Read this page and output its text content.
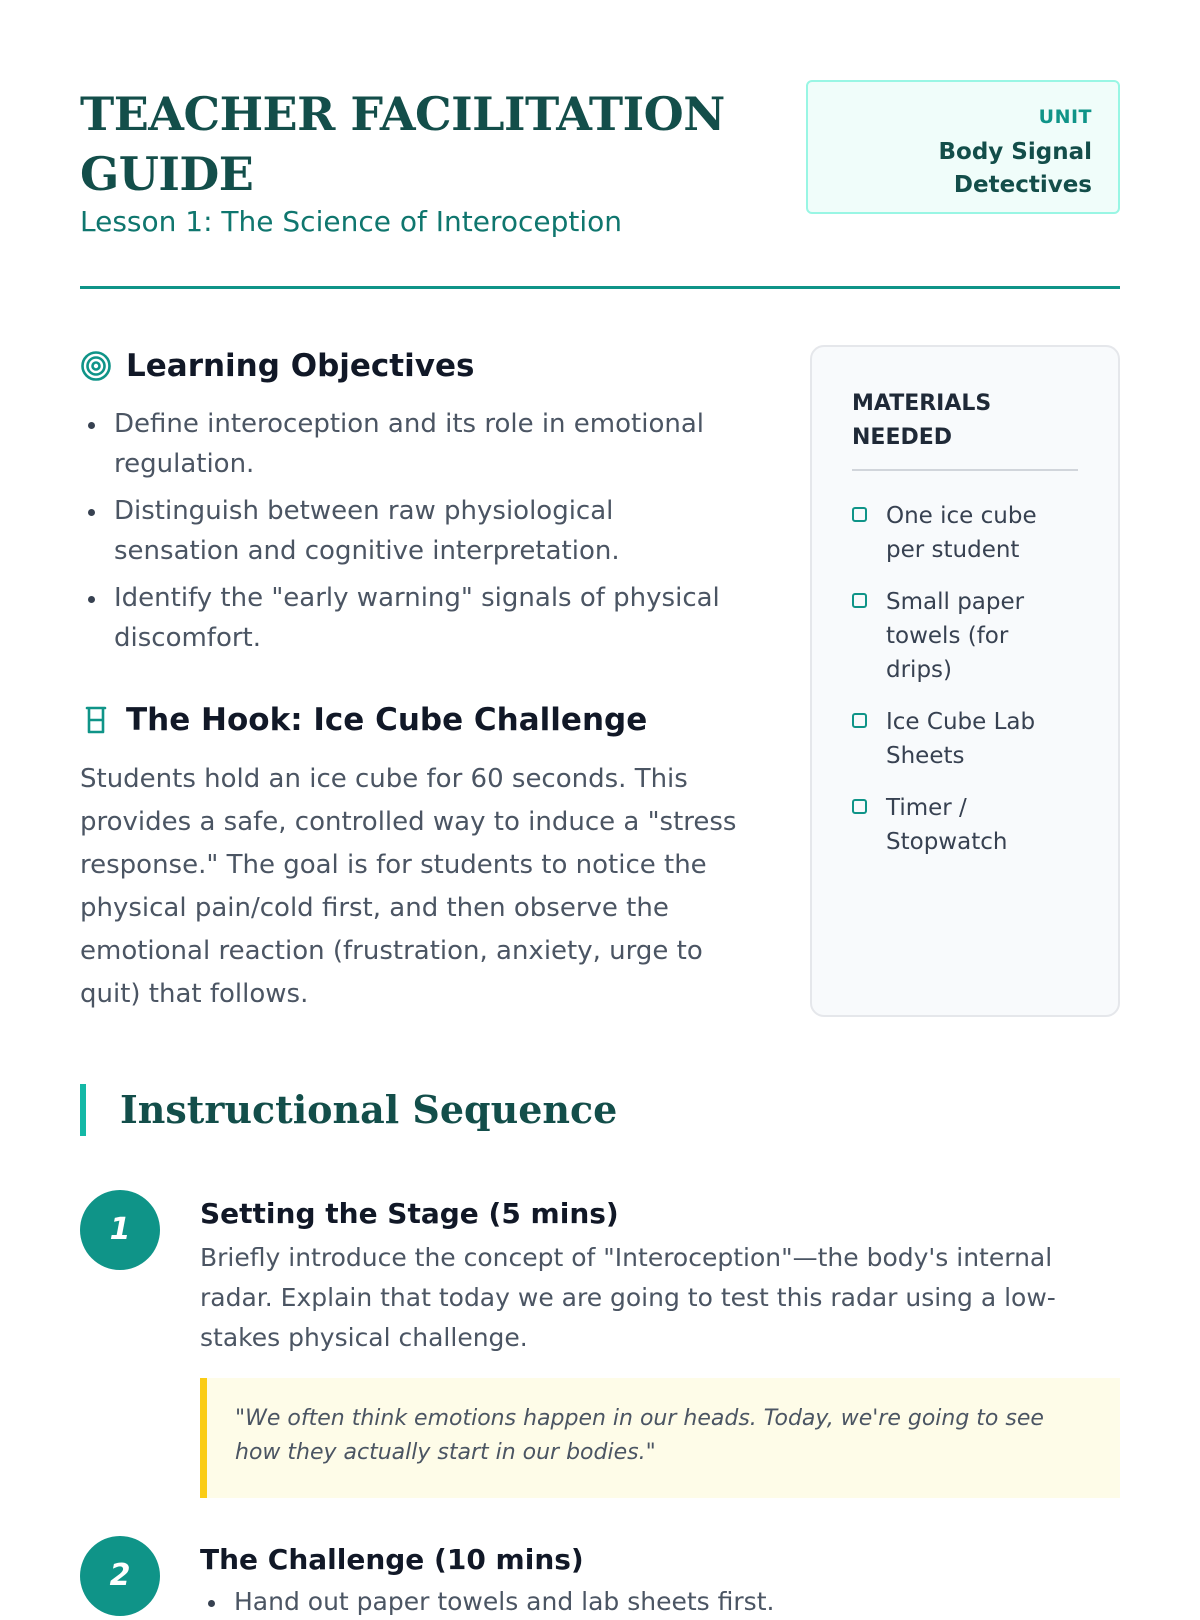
TEACHER FACILITATION GUIDE

Lesson 1: The Science of Interoception

UNIT
Body Signal Detectives
Learning Objectives
Define interoception and its role in emotional regulation.
Distinguish between raw physiological sensation and cognitive interpretation.
Identify the "early warning" signals of physical discomfort.
The Hook: Ice Cube Challenge

Students hold an ice cube for 60 seconds. This provides a safe, controlled way to induce a "stress response." The goal is for students to notice the physical pain/cold first, and then observe the emotional reaction (frustration, anxiety, urge to quit) that follows.

MATERIALS NEEDED
One ice cube per student
Small paper towels (for drips)
Ice Cube Lab Sheets
Timer / Stopwatch
Instructional Sequence
1	Setting the Stage (5 mins)

Briefly introduce the concept of "Interoception"—the body's internal radar. Explain that today we are going to test this radar using a low-stakes physical challenge.

"We often think emotions happen in our heads. Today, we're going to see how they actually start in our bodies."
2	The Challenge (10 mins)
Hand out paper towels and lab sheets first.
